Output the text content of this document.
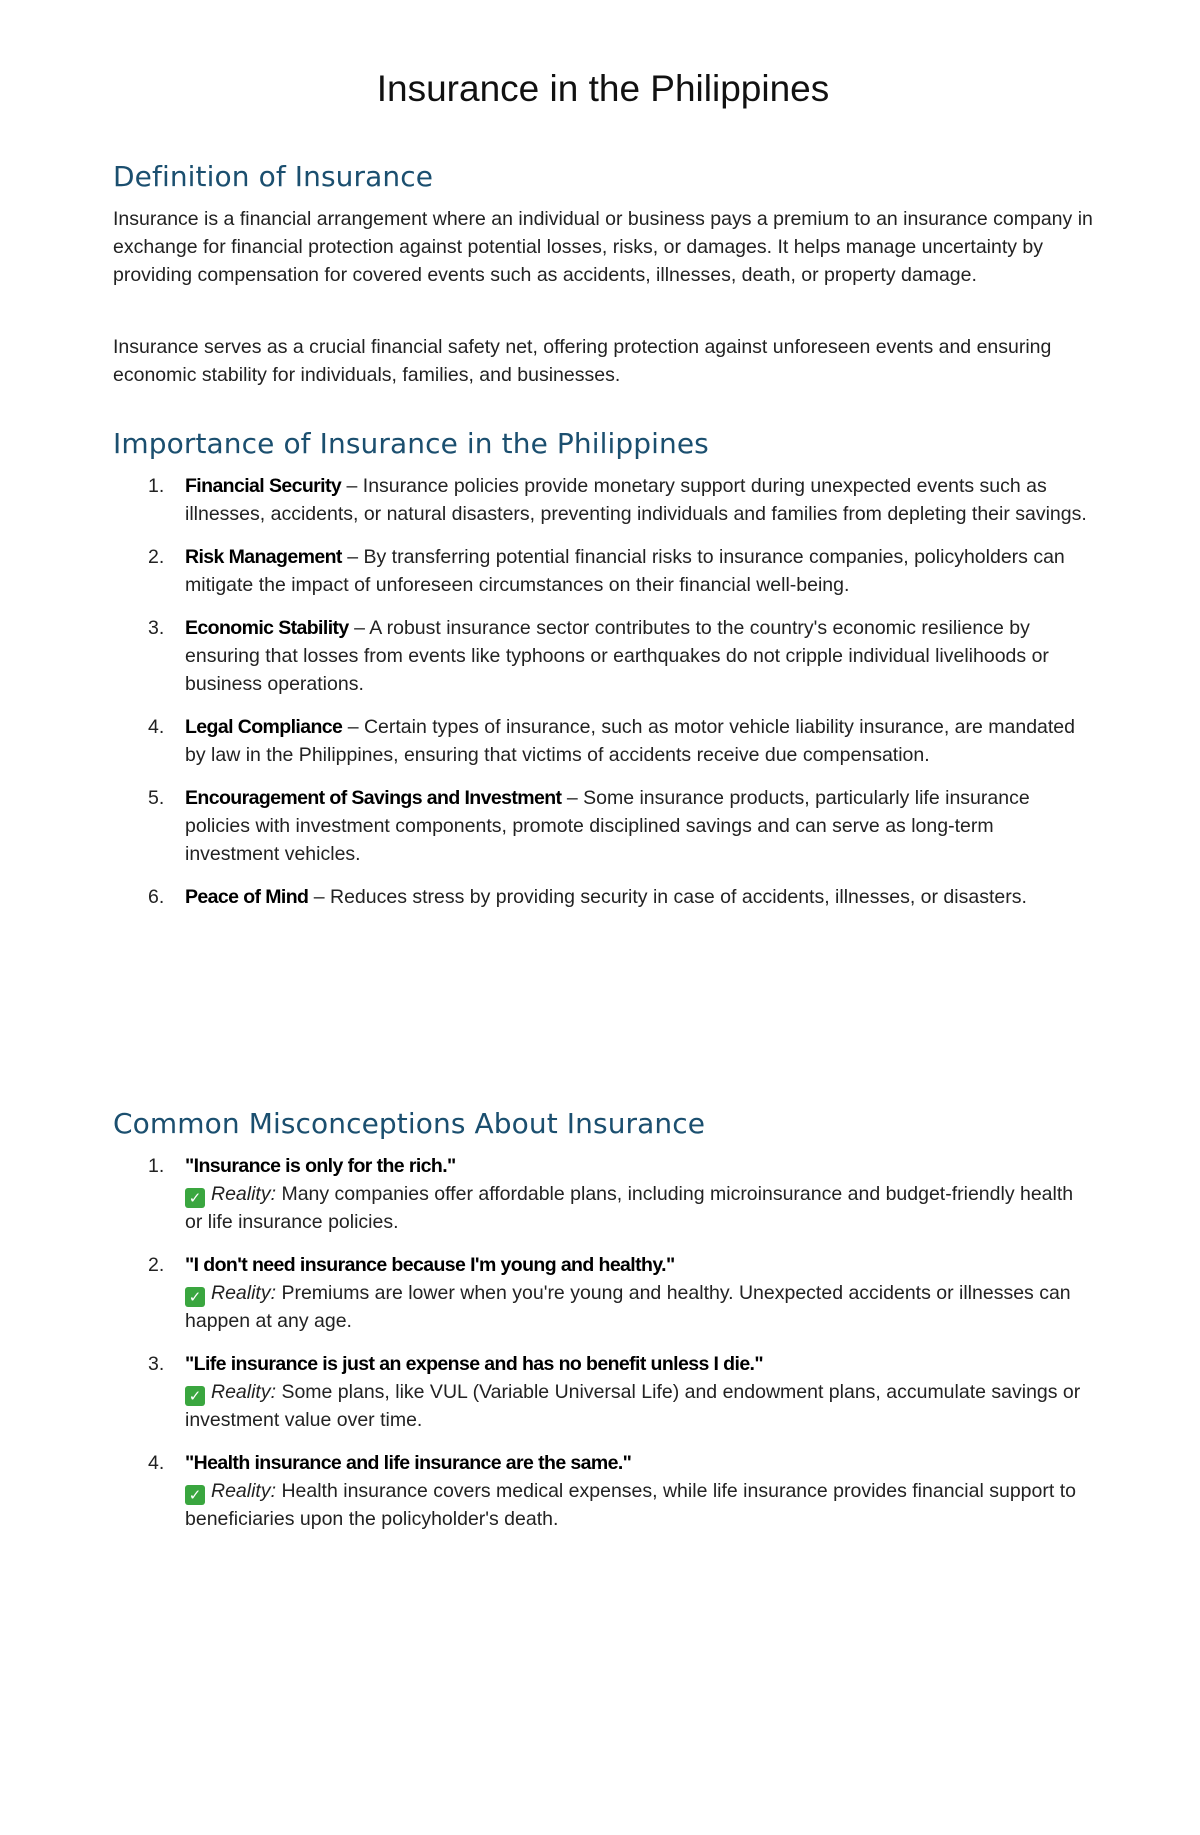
Insurance in the Philippines
Definition of Insurance

Insurance is a financial arrangement where an individual or business pays a premium to an insurance company in exchange for financial protection against potential losses, risks, or damages. It helps manage uncertainty by providing compensation for covered events such as accidents, illnesses, death, or property damage.

Insurance serves as a crucial financial safety net, offering protection against unforeseen events and ensuring economic stability for individuals, families, and businesses.

Importance of Insurance in the Philippines
1. Financial Security – Insurance policies provide monetary support during unexpected events such as illnesses, accidents, or natural disasters, preventing individuals and families from depleting their savings.
2. Risk Management – By transferring potential financial risks to insurance companies, policyholders can mitigate the impact of unforeseen circumstances on their financial well-being.
3. Economic Stability – A robust insurance sector contributes to the country's economic resilience by ensuring that losses from events like typhoons or earthquakes do not cripple individual livelihoods or business operations.
4. Legal Compliance – Certain types of insurance, such as motor vehicle liability insurance, are mandated by law in the Philippines, ensuring that victims of accidents receive due compensation.
5. Encouragement of Savings and Investment – Some insurance products, particularly life insurance policies with investment components, promote disciplined savings and can serve as long-term investment vehicles.
6. Peace of Mind – Reduces stress by providing security in case of accidents, illnesses, or disasters.
Common Misconceptions About Insurance
1. "Insurance is only for the rich."
✓ Reality: Many companies offer affordable plans, including microinsurance and budget-friendly health or life insurance policies.
2. "I don't need insurance because I'm young and healthy."
✓ Reality: Premiums are lower when you're young and healthy. Unexpected accidents or illnesses can happen at any age.
3. "Life insurance is just an expense and has no benefit unless I die."
✓ Reality: Some plans, like VUL (Variable Universal Life) and endowment plans, accumulate savings or investment value over time.
4. "Health insurance and life insurance are the same."
✓ Reality: Health insurance covers medical expenses, while life insurance provides financial support to beneficiaries upon the policyholder's death.
